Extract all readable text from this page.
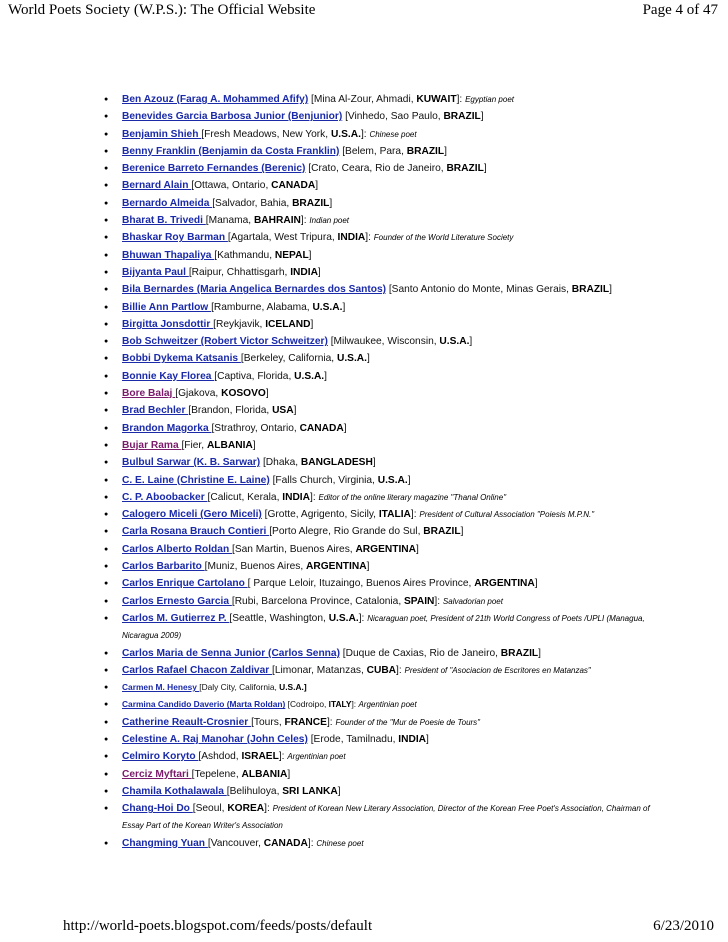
World Poets Society (W.P.S.): The Official Website	Page 4 of 47
● Ben Azouz (Farag A. Mohammed Afify) [Mina Al-Zour, Ahmadi, KUWAIT]: Egyptian poet
● Benevides Garcia Barbosa Junior (Benjunior) [Vinhedo, Sao Paulo, BRAZIL]
● Benjamin Shieh [Fresh Meadows, New York, U.S.A.]: Chinese poet
● Benny Franklin (Benjamin da Costa Franklin) [Belem, Para, BRAZIL]
● Berenice Barreto Fernandes (Berenic) [Crato, Ceara, Rio de Janeiro, BRAZIL]
● Bernard Alain [Ottawa, Ontario, CANADA]
● Bernardo Almeida [Salvador, Bahia, BRAZIL]
● Bharat B. Trivedi [Manama, BAHRAIN]: Indian poet
● Bhaskar Roy Barman [Agartala, West Tripura, INDIA]: Founder of the World Literature Society
● Bhuwan Thapaliya [Kathmandu, NEPAL]
● Bijyanta Paul [Raipur, Chhattisgarh, INDIA]
● Bila Bernardes (Maria Angelica Bernardes dos Santos) [Santo Antonio do Monte, Minas Gerais, BRAZIL]
● Billie Ann Partlow [Ramburne, Alabama, U.S.A.]
● Birgitta Jonsdottir [Reykjavik, ICELAND]
● Bob Schweitzer (Robert Victor Schweitzer) [Milwaukee, Wisconsin, U.S.A.]
● Bobbi Dykema Katsanis [Berkeley, California, U.S.A.]
● Bonnie Kay Florea [Captiva, Florida, U.S.A.]
● Bore Balaj [Gjakova, KOSOVO]
● Brad Bechler [Brandon, Florida, USA]
● Brandon Magorka [Strathroy, Ontario, CANADA]
● Bujar Rama [Fier, ALBANIA]
● Bulbul Sarwar (K. B. Sarwar) [Dhaka, BANGLADESH]
● C. E. Laine (Christine E. Laine) [Falls Church, Virginia, U.S.A.]
● C. P. Aboobacker [Calicut, Kerala, INDIA]: Editor of the online literary magazine "Thanal Online"
● Calogero Miceli (Gero Miceli) [Grotte, Agrigento, Sicily, ITALIA]: President of Cultural Association "Poiesis M.P.N."
● Carla Rosana Brauch Contieri [Porto Alegre, Rio Grande do Sul, BRAZIL]
● Carlos Alberto Roldan [San Martin, Buenos Aires, ARGENTINA]
● Carlos Barbarito [Muniz, Buenos Aires, ARGENTINA]
● Carlos Enrique Cartolano [ Parque Leloir, Ituzaingo, Buenos Aires Province, ARGENTINA]
● Carlos Ernesto Garcia [Rubi, Barcelona Province, Catalonia, SPAIN]: Salvadorian poet
● Carlos M. Gutierrez P. [Seattle, Washington, U.S.A.]: Nicaraguan poet, President of 21th World Congress of Poets /UPLI (Managua, Nicaragua 2009)
● Carlos Maria de Senna Junior (Carlos Senna) [Duque de Caxias, Rio de Janeiro, BRAZIL]
● Carlos Rafael Chacon Zaldivar [Limonar, Matanzas, CUBA]: President of "Asociacion de Escritores en Matanzas"
● Carmen M. Henesy [Daly City, California, U.S.A.]
● Carmina Candido Daverio (Marta Roldan) [Codroipo, ITALY]: Argentinian poet
● Catherine Reault-Crosnier [Tours, FRANCE]: Founder of the "Mur de Poesie de Tours"
● Celestine A. Raj Manohar (John Celes) [Erode, Tamilnadu, INDIA]
● Celmiro Koryto [Ashdod, ISRAEL]: Argentinian poet
● Cerciz Myftari [Tepelene, ALBANIA]
● Chamila Kothalawala [Belihuloya, SRI LANKA]
● Chang-Hoi Do [Seoul, KOREA]: President of Korean New Literary Association, Director of the Korean Free Poet's Association, Chairman of Essay Part of the Korean Writer's Association
● Changming Yuan [Vancouver, CANADA]: Chinese poet
http://world-poets.blogspot.com/feeds/posts/default	6/23/2010
